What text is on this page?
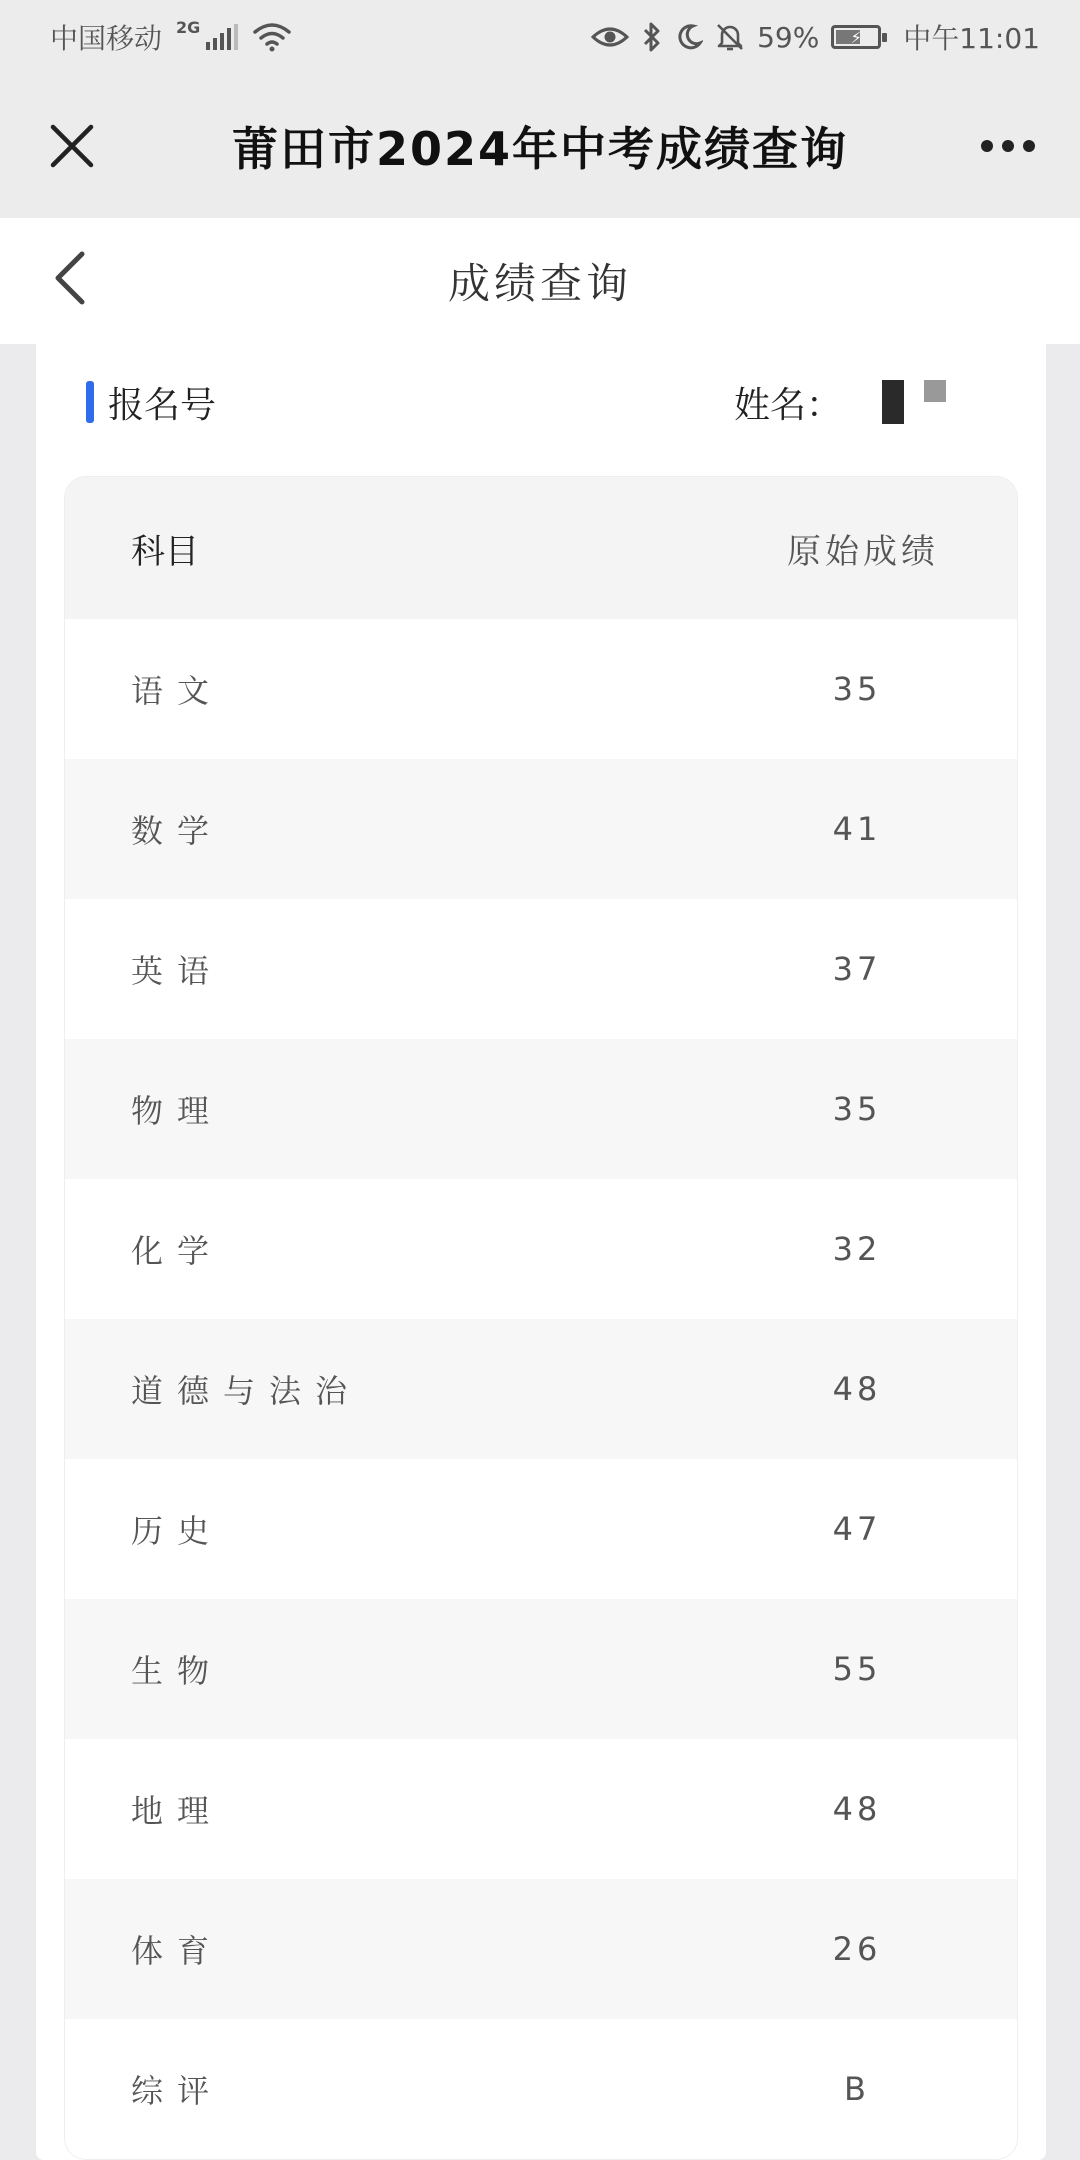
中国移动 2G	59% ⚡ 中午11:01
莆田市2024年中考成绩查询
成绩查询
报名号	姓名：
科目	原始成绩
语文	35
数学	41
英语	37
物理	35
化学	32
道德与法治	48
历史	47
生物	55
地理	48
体育	26
综评	B
